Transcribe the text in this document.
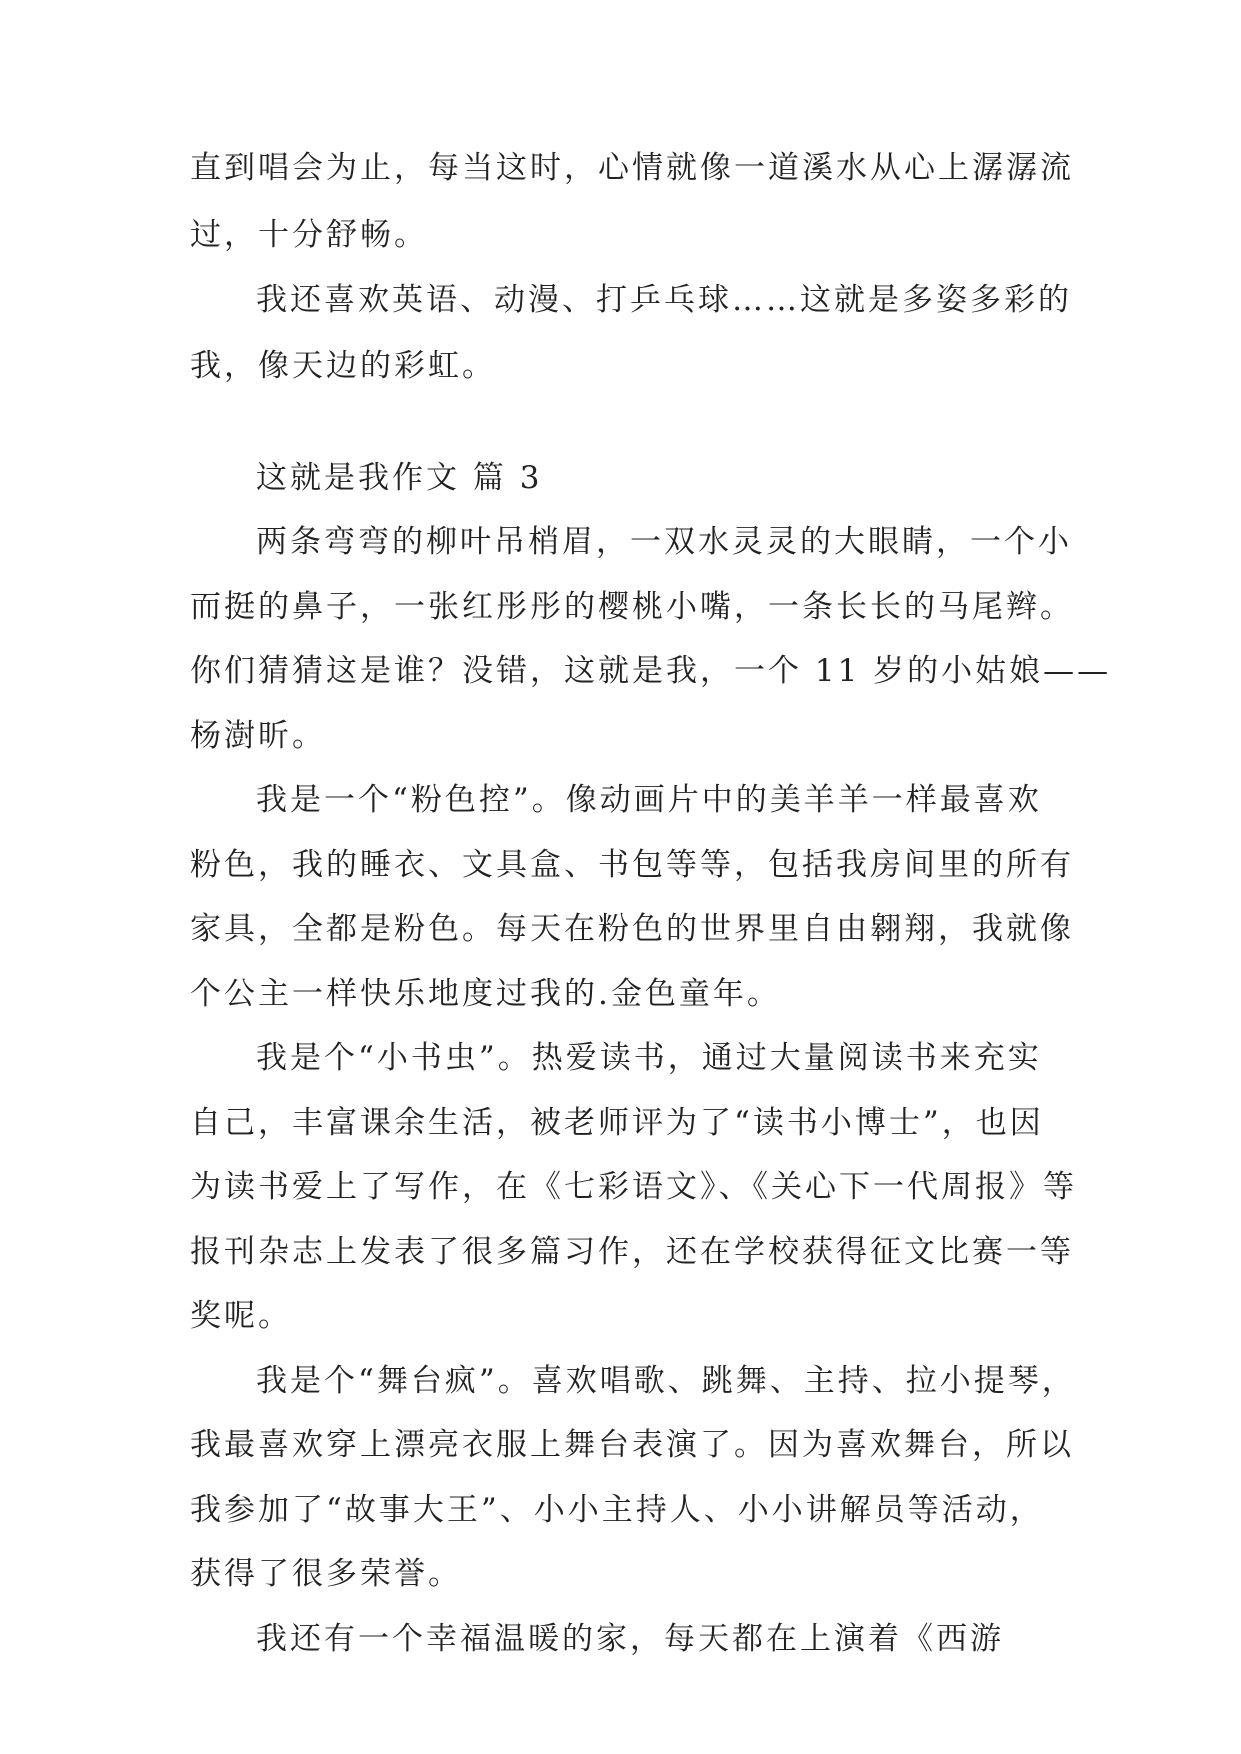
直到唱会为止，每当这时，心情就像一道溪水从心上潺潺流
过，十分舒畅。
我还喜欢英语、动漫、打乒乓球……这就是多姿多彩的
我，像天边的彩虹。
这就是我作文 篇 3
两条弯弯的柳叶吊梢眉，一双水灵灵的大眼睛，一个小
而挺的鼻子，一张红彤彤的樱桃小嘴，一条长长的马尾辫。
你们猜猜这是谁？没错，这就是我，一个 11 岁的小姑娘——
杨澍昕。
我是一个“粉色控”。像动画片中的美羊羊一样最喜欢
粉色，我的睡衣、文具盒、书包等等，包括我房间里的所有
家具，全都是粉色。每天在粉色的世界里自由翱翔，我就像
个公主一样快乐地度过我的.金色童年。
我是个“小书虫”。热爱读书，通过大量阅读书来充实
自己，丰富课余生活，被老师评为了“读书小博士”，也因
为读书爱上了写作，在《七彩语文》、《关心下一代周报》等
报刊杂志上发表了很多篇习作，还在学校获得征文比赛一等
奖呢。
我是个“舞台疯”。喜欢唱歌、跳舞、主持、拉小提琴，
我最喜欢穿上漂亮衣服上舞台表演了。因为喜欢舞台，所以
我参加了“故事大王”、小小主持人、小小讲解员等活动，
获得了很多荣誉。
我还有一个幸福温暖的家，每天都在上演着《西游
